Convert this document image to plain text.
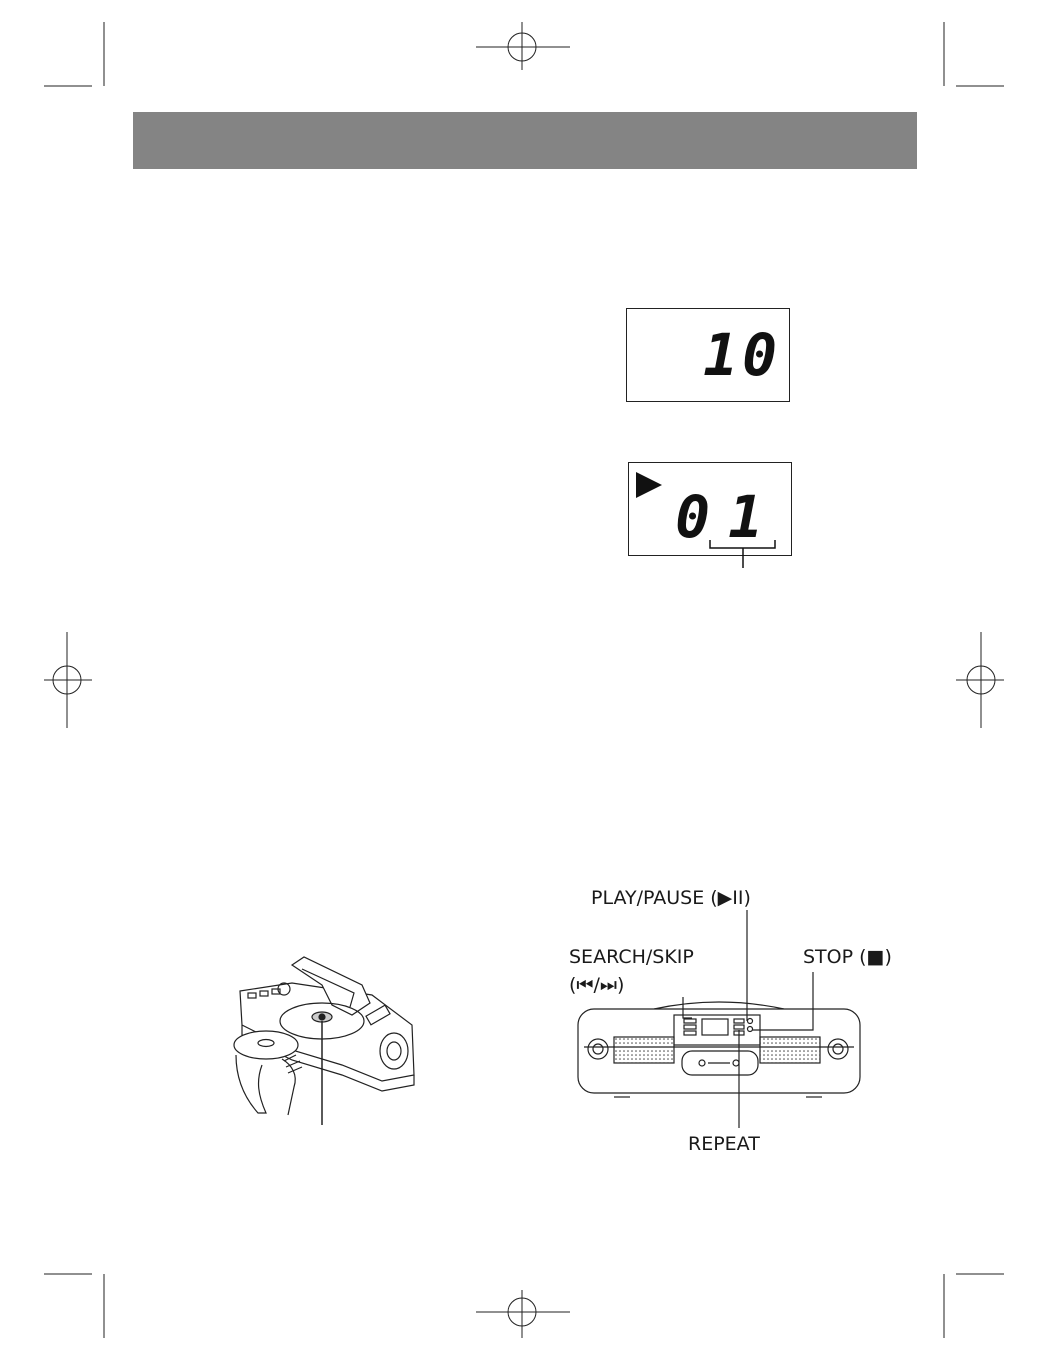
10
01
PLAY/PAUSE (▶II)
SEARCH/SKIP
(⏮/⏭)
STOP (■)
REPEAT
